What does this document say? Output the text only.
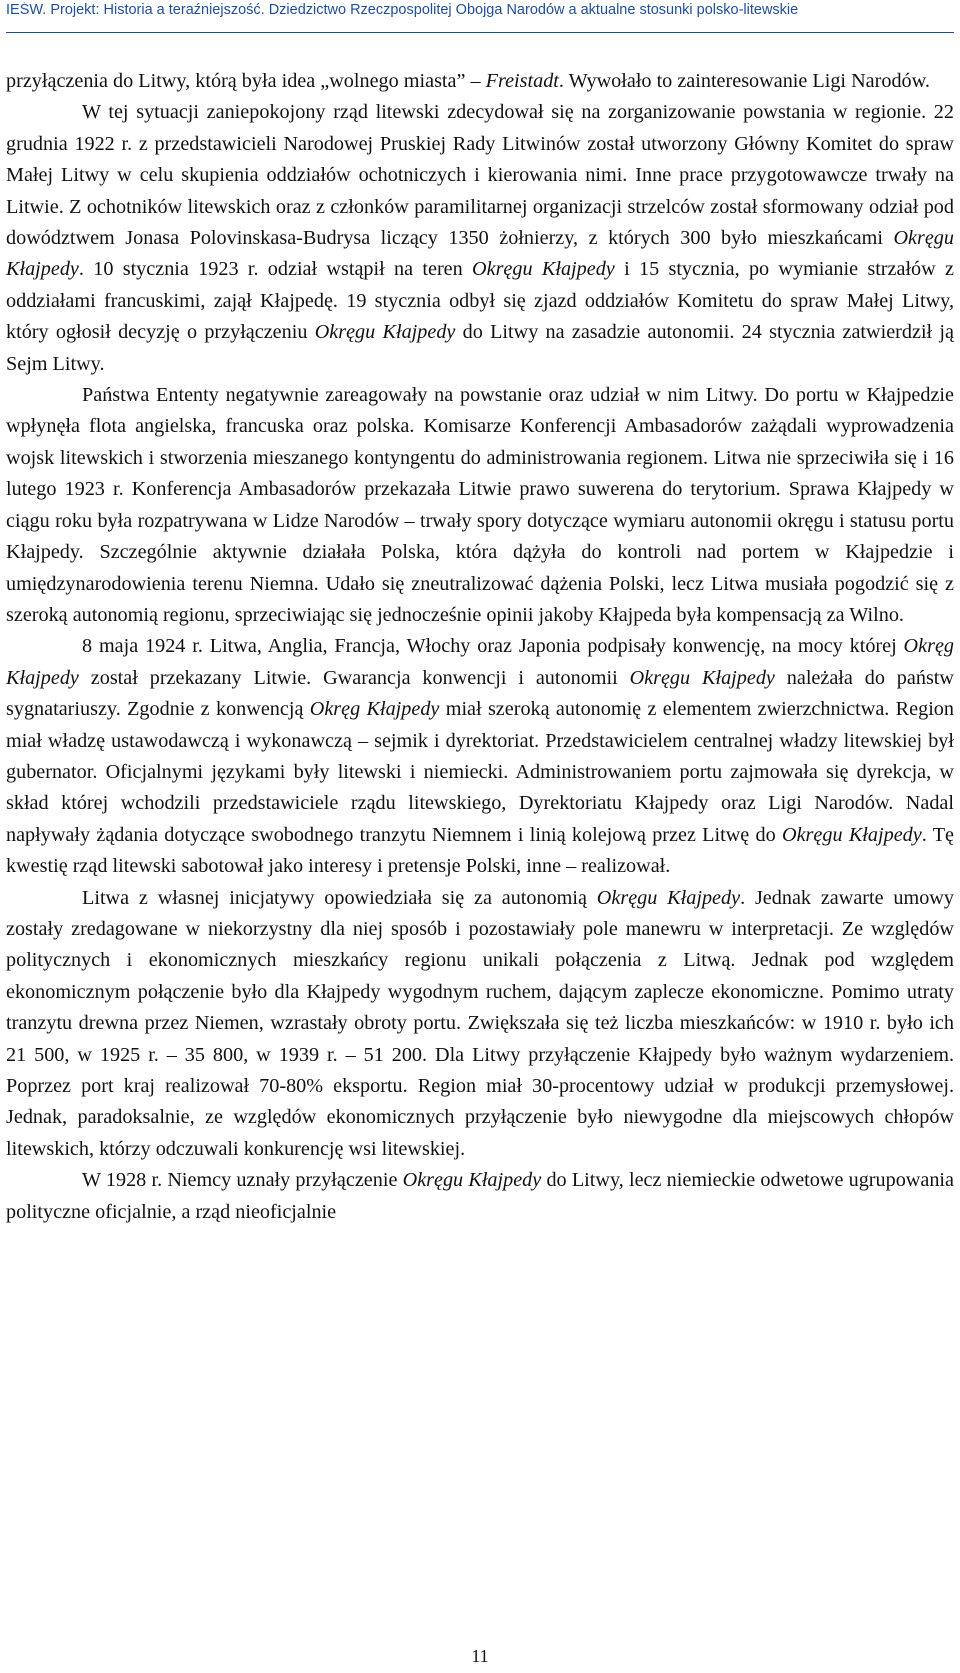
IEŚW. Projekt: Historia a teraźniejszość. Dziedzictwo Rzeczpospolitej Obojga Narodów a aktualne stosunki polsko-litewskie

przyłączenia do Litwy, którą była idea „wolnego miasta” – Freistadt. Wywołało to zainteresowanie Ligi Narodów.

W tej sytuacji zaniepokojony rząd litewski zdecydował się na zorganizowanie powstania w regionie. 22 grudnia 1922 r. z przedstawicieli Narodowej Pruskiej Rady Litwinów został utworzony Główny Komitet do spraw Małej Litwy w celu skupienia oddziałów ochotniczych i kierowania nimi. Inne prace przygotowawcze trwały na Litwie. Z ochotników litewskich oraz z członków paramilitarnej organizacji strzelców został sformowany odział pod dowództwem Jonasa Polovinskasa-Budrysa liczący 1350 żołnierzy, z których 300 było mieszkańcami Okręgu Kłajpedy. 10 stycznia 1923 r. odział wstąpił na teren Okręgu Kłajpedy i 15 stycznia, po wymianie strzałów z oddziałami francuskimi, zajął Kłajpedę. 19 stycznia odbył się zjazd oddziałów Komitetu do spraw Małej Litwy, który ogłosił decyzję o przyłączeniu Okręgu Kłajpedy do Litwy na zasadzie autonomii. 24 stycznia zatwierdził ją Sejm Litwy.

Państwa Ententy negatywnie zareagowały na powstanie oraz udział w nim Litwy. Do portu w Kłajpedzie wpłynęła flota angielska, francuska oraz polska. Komisarze Konferencji Ambasadorów zażądali wyprowadzenia wojsk litewskich i stworzenia mieszanego kontyngentu do administrowania regionem. Litwa nie sprzeciwiła się i 16 lutego 1923 r. Konferencja Ambasadorów przekazała Litwie prawo suwerena do terytorium. Sprawa Kłajpedy w ciągu roku była rozpatrywana w Lidze Narodów – trwały spory dotyczące wymiaru autonomii okręgu i statusu portu Kłajpedy. Szczególnie aktywnie działała Polska, która dążyła do kontroli nad portem w Kłajpedzie i umiędzynarodowienia terenu Niemna. Udało się zneutralizować dążenia Polski, lecz Litwa musiała pogodzić się z szeroką autonomią regionu, sprzeciwiając się jednocześnie opinii jakoby Kłajpeda była kompensacją za Wilno.

8 maja 1924 r. Litwa, Anglia, Francja, Włochy oraz Japonia podpisały konwencję, na mocy której Okręg Kłajpedy został przekazany Litwie. Gwarancja konwencji i autonomii Okręgu Kłajpedy należała do państw sygnatariuszy. Zgodnie z konwencją Okręg Kłajpedy miał szeroką autonomię z elementem zwierzchnictwa. Region miał władzę ustawodawczą i wykonawczą – sejmik i dyrektoriat. Przedstawicielem centralnej władzy litewskiej był gubernator. Oficjalnymi językami były litewski i niemiecki. Administrowaniem portu zajmowała się dyrekcja, w skład której wchodzili przedstawiciele rządu litewskiego, Dyrektoriatu Kłajpedy oraz Ligi Narodów. Nadal napływały żądania dotyczące swobodnego tranzytu Niemnem i linią kolejową przez Litwę do Okręgu Kłajpedy. Tę kwestię rząd litewski sabotował jako interesy i pretensje Polski, inne – realizował.

Litwa z własnej inicjatywy opowiedziała się za autonomią Okręgu Kłajpedy. Jednak zawarte umowy zostały zredagowane w niekorzystny dla niej sposób i pozostawiały pole manewru w interpretacji. Ze względów politycznych i ekonomicznych mieszkańcy regionu unikali połączenia z Litwą. Jednak pod względem ekonomicznym połączenie było dla Kłajpedy wygodnym ruchem, dającym zaplecze ekonomiczne. Pomimo utraty tranzytu drewna przez Niemen, wzrastały obroty portu. Zwiększała się też liczba mieszkańców: w 1910 r. było ich 21 500, w 1925 r. – 35 800, w 1939 r. – 51 200. Dla Litwy przyłączenie Kłajpedy było ważnym wydarzeniem. Poprzez port kraj realizował 70-80% eksportu. Region miał 30-procentowy udział w produkcji przemysłowej. Jednak, paradoksalnie, ze względów ekonomicznych przyłączenie było niewygodne dla miejscowych chłopów litewskich, którzy odczuwali konkurencję wsi litewskiej.

W 1928 r. Niemcy uznały przyłączenie Okręgu Kłajpedy do Litwy, lecz niemieckie odwetowe ugrupowania polityczne oficjalnie, a rząd nieoficjalnie

11
